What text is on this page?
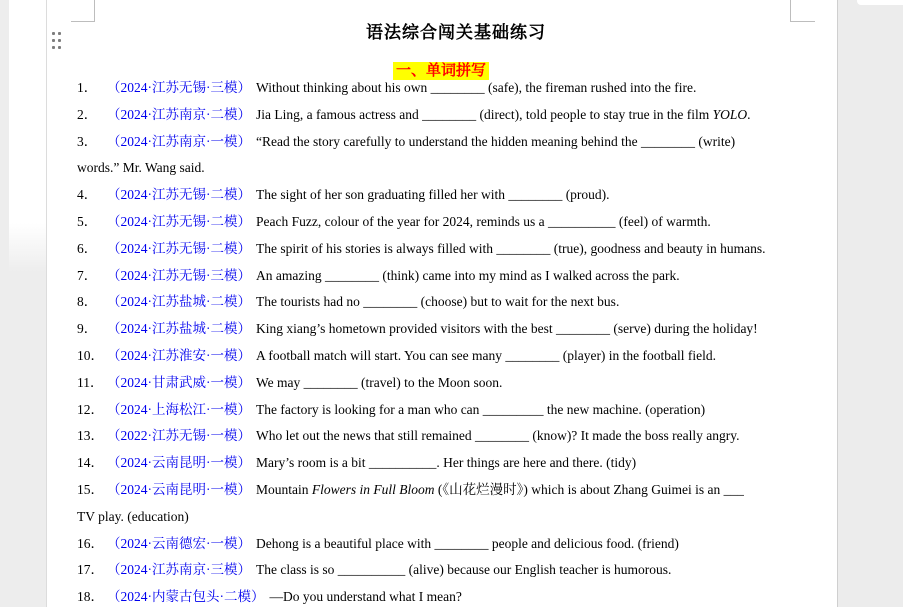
语法综合闯关基础练习
一、单词拼写
1． （2024·江苏无锡·三模） Without thinking about his own ________ (safe), the fireman rushed into the fire.
2． （2024·江苏南京·二模） Jia Ling, a famous actress and ________ (direct), told people to stay true in the film YOLO.
3． （2024·江苏南京·一模） “Read the story carefully to understand the hidden meaning behind the ________ (write)
words.” Mr. Wang said.
4． （2024·江苏无锡·二模） The sight of her son graduating filled her with ________ (proud).
5． （2024·江苏无锡·二模） Peach Fuzz, colour of the year for 2024, reminds us a __________ (feel) of warmth.
6． （2024·江苏无锡·二模） The spirit of his stories is always filled with ________ (true), goodness and beauty in humans.
7． （2024·江苏无锡·三模） An amazing ________ (think) came into my mind as I walked across the park.
8． （2024·江苏盐城·二模） The tourists had no ________ (choose) but to wait for the next bus.
9． （2024·江苏盐城·二模） King xiang’s hometown provided visitors with the best ________ (serve) during the holiday!
10． （2024·江苏淮安·一模） A football match will start. You can see many ________ (player) in the football field.
11． （2024·甘肃武威·一模） We may ________ (travel) to the Moon soon.
12． （2024·上海松江·一模） The factory is looking for a man who can _________ the new machine. (operation)
13． （2022·江苏无锡·一模） Who let out the news that still remained ________ (know)? It made the boss really angry.
14． （2024·云南昆明·一模） Mary’s room is a bit __________. Her things are here and there. (tidy)
15． （2024·云南昆明·一模） Mountain Flowers in Full Bloom (《山花烂漫时》) which is about Zhang Guimei is an ___
TV play. (education)
16． （2024·云南德宏·一模） Dehong is a beautiful place with ________ people and delicious food. (friend)
17． （2024·江苏南京·三模） The class is so __________ (alive) because our English teacher is humorous.
18． （2024·内蒙古包头·二模） —Do you understand what I mean?
